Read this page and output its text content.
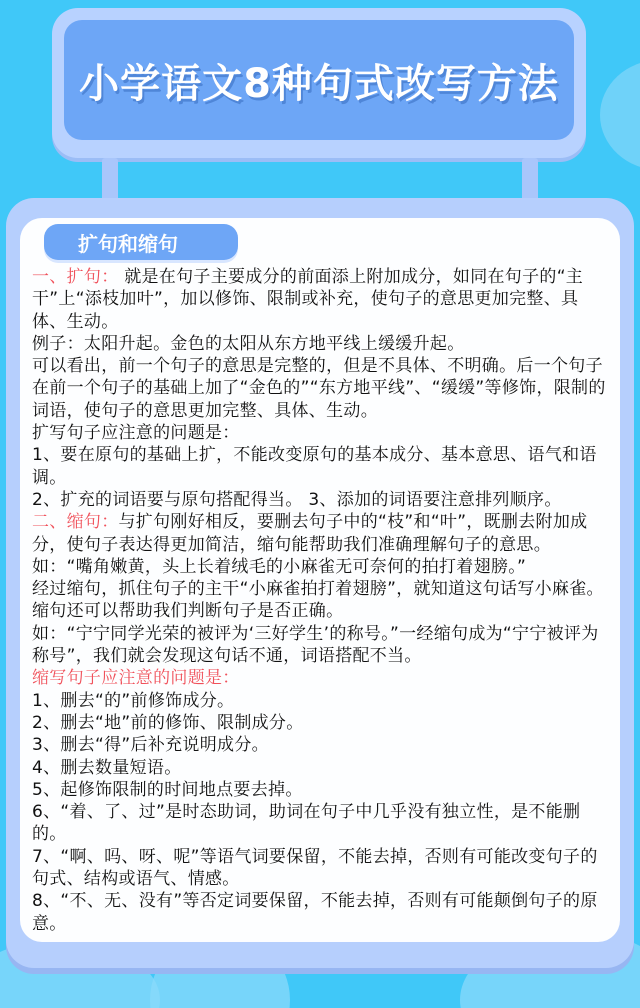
小学语文8种句式改写方法
扩句和缩句

一、扩句： 就是在句子主要成分的前面添上附加成分，如同在句子的“主干”上“添枝加叶”，加以修饰、限制或补充，使句子的意思更加完整、具体、生动。

例子：太阳升起。金色的太阳从东方地平线上缓缓升起。

可以看出，前一个句子的意思是完整的，但是不具体、不明确。后一个句子在前一个句子的基础上加了“金色的”“东方地平线”、“缓缓”等修饰，限制的词语，使句子的意思更加完整、具体、生动。

扩写句子应注意的问题是：

1、要在原句的基础上扩，不能改变原句的基本成分、基本意思、语气和语调。

2、扩充的词语要与原句搭配得当。 3、添加的词语要注意排列顺序。

二、缩句：与扩句刚好相反，要删去句子中的“枝”和“叶”，既删去附加成分，使句子表达得更加简洁，缩句能帮助我们准确理解句子的意思。

如：“嘴角嫩黄，头上长着绒毛的小麻雀无可奈何的拍打着翅膀。”

经过缩句，抓住句子的主干“小麻雀拍打着翅膀”，就知道这句话写小麻雀。

缩句还可以帮助我们判断句子是否正确。

如：“宁宁同学光荣的被评为‘三好学生’的称号。”一经缩句成为“宁宁被评为称号”，我们就会发现这句话不通，词语搭配不当。

缩写句子应注意的问题是：

1、删去“的”前修饰成分。

2、删去“地”前的修饰、限制成分。

3、删去“得”后补充说明成分。

4、删去数量短语。

5、起修饰限制的时间地点要去掉。

6、“着、了、过”是时态助词，助词在句子中几乎没有独立性，是不能删的。

7、“啊、吗、呀、呢”等语气词要保留，不能去掉，否则有可能改变句子的句式、结构或语气、情感。

8、“不、无、没有”等否定词要保留，不能去掉，否则有可能颠倒句子的原意。
